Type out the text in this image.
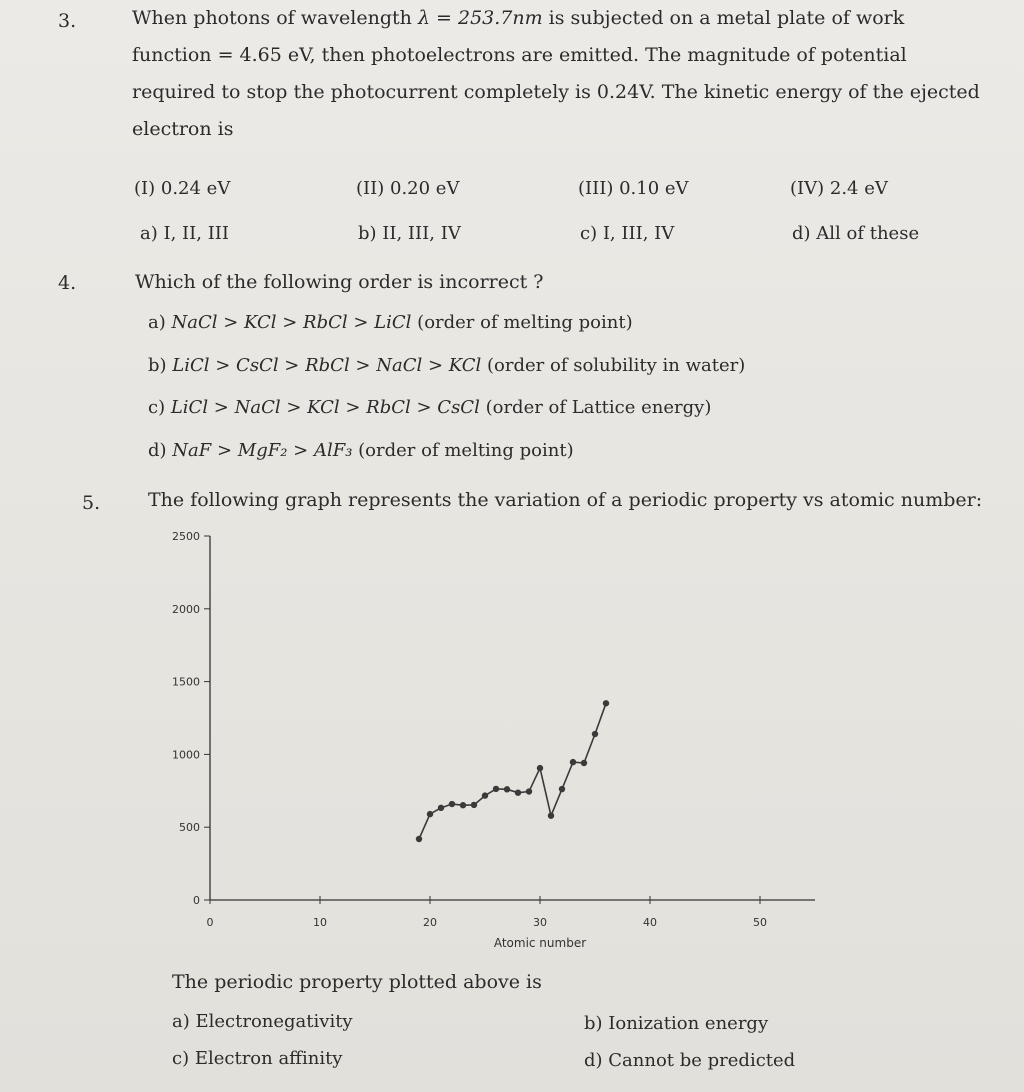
3.	When photons of wavelength λ = 253.7nm is subjected on a metal plate of work
function = 4.65 eV, then photoelectrons are emitted. The magnitude of potential
required to stop the photocurrent completely is 0.24V. The kinetic energy of the ejected
electron is
(I) 0.24 eV	(II) 0.20 eV	(III) 0.10 eV	(IV) 2.4 eV
a) I, II, III	b) II, III, IV	c) I, III, IV	d) All of these
4.	Which of the following order is incorrect ?
a) NaCl > KCl > RbCl > LiCl (order of melting point)
b) LiCl > CsCl > RbCl > NaCl > KCl (order of solubility in water)
c) LiCl > NaCl > KCl > RbCl > CsCl (order of Lattice energy)
d) NaF > MgF₂ > AlF₃ (order of melting point)
5.	The following graph represents the variation of a periodic property vs atomic number:
0
500
1000
1500
2000
2500
0	10	20	30	40	50
Atomic number
The periodic property plotted above is
a) Electronegativity	b) Ionization energy
c) Electron affinity	d) Cannot be predicted
